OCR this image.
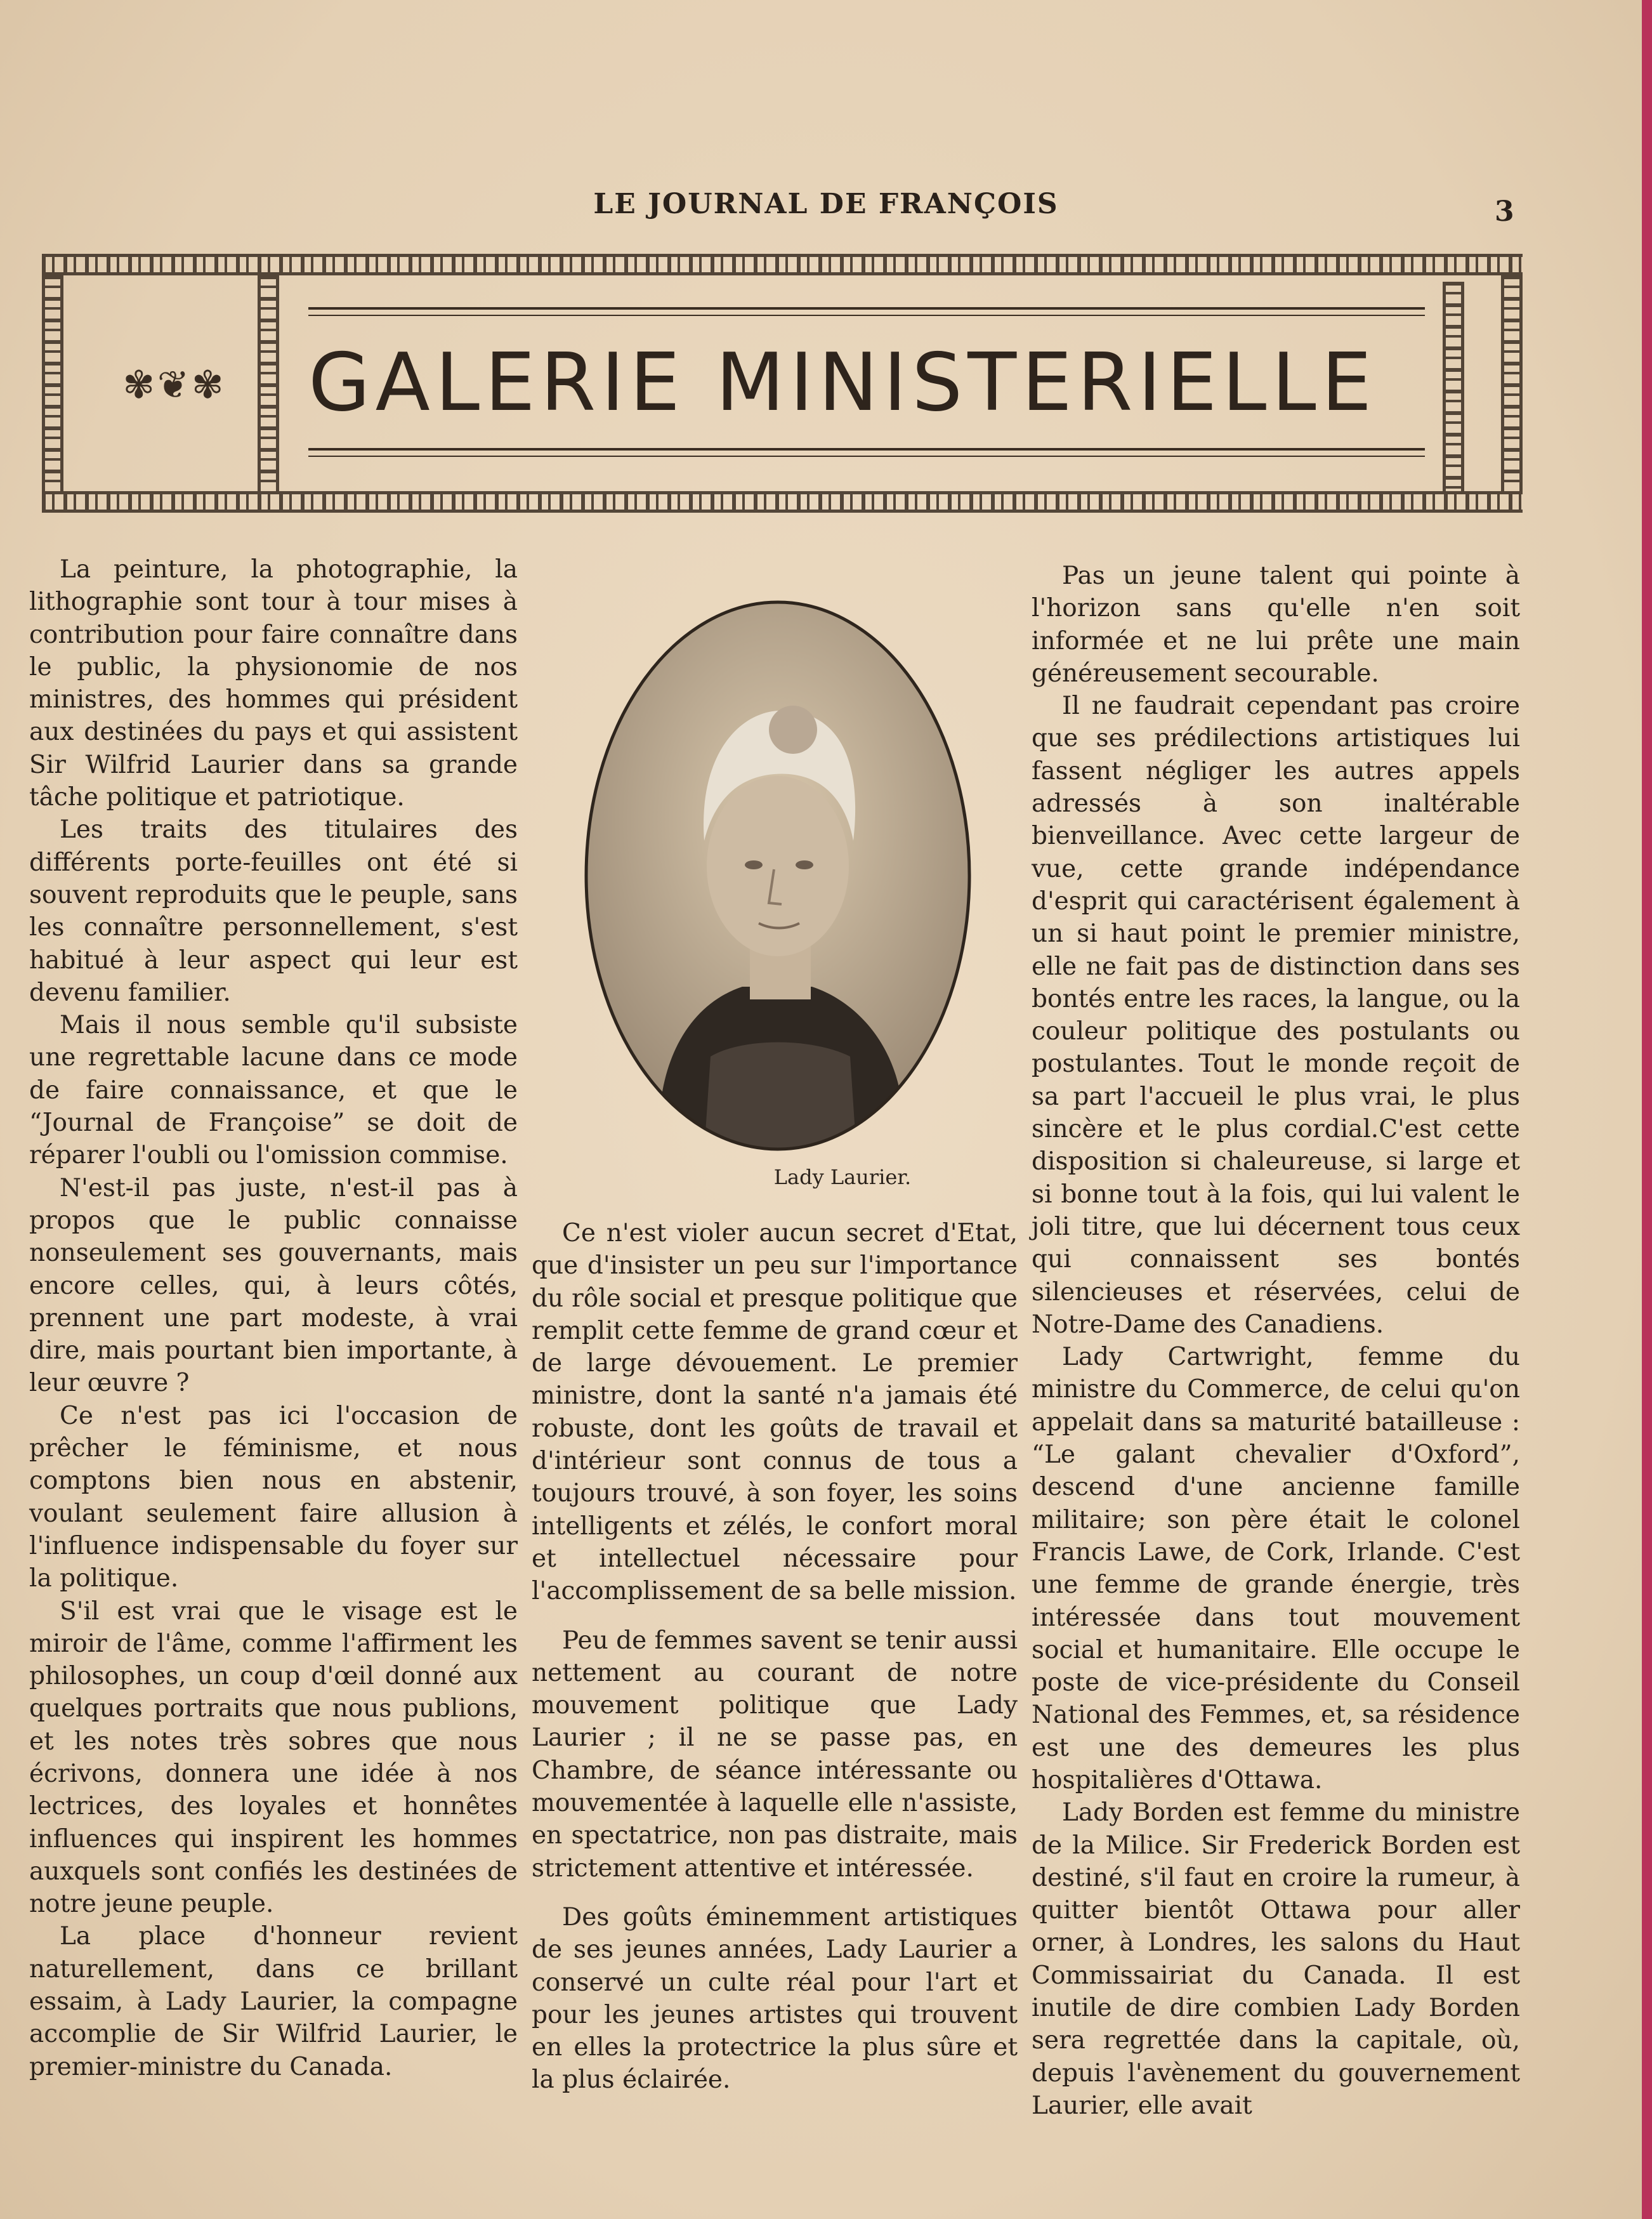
LE JOURNAL DE FRANÇOIS	3
✾❦✾ GALERIE MINISTERIELLE

La peinture, la photographie, la lithographie sont tour à tour mises à contribution pour faire connaître dans le public, la physionomie de nos ministres, des hommes qui président aux destinées du pays et qui assistent Sir Wilfrid Laurier dans sa grande tâche politique et patriotique.

Les traits des titulaires des différents porte-feuilles ont été si souvent reproduits que le peuple, sans les connaître personnellement, s'est habitué à leur aspect qui leur est devenu familier.

Mais il nous semble qu'il subsiste une regrettable lacune dans ce mode de faire connaissance, et que le “Journal de Françoise” se doit de réparer l'oubli ou l'omission commise.

N'est-il pas juste, n'est-il pas à propos que le public connaisse nonseulement ses gouvernants, mais encore celles, qui, à leurs côtés, prennent une part modeste, à vrai dire, mais pourtant bien importante, à leur œuvre ?

Ce n'est pas ici l'occasion de prêcher le féminisme, et nous comptons bien nous en abstenir, voulant seulement faire allusion à l'influence indispensable du foyer sur la politique.

S'il est vrai que le visage est le miroir de l'âme, comme l'affirment les philosophes, un coup d'œil donné aux quelques portraits que nous publions, et les notes très sobres que nous écrivons, donnera une idée à nos lectrices, des loyales et honnêtes influences qui inspirent les hommes auxquels sont confiés les destinées de notre jeune peuple.

La place d'honneur revient naturellement, dans ce brillant essaim, à Lady Laurier, la compagne accomplie de Sir Wilfrid Laurier, le premier-ministre du Canada.

Lady Laurier.

Ce n'est violer aucun secret d'Etat, que d'insister un peu sur l'importance du rôle social et presque politique que remplit cette femme de grand cœur et de large dévouement. Le premier ministre, dont la santé n'a jamais été robuste, dont les goûts de travail et d'intérieur sont connus de tous a toujours trouvé, à son foyer, les soins intelligents et zélés, le confort moral et intellectuel nécessaire pour l'accomplissement de sa belle mission.

Peu de femmes savent se tenir aussi nettement au courant de notre mouvement politique que Lady Laurier ; il ne se passe pas, en Chambre, de séance intéressante ou mouvementée à laquelle elle n'assiste, en spectatrice, non pas distraite, mais strictement attentive et intéressée.

Des goûts éminemment artistiques de ses jeunes années, Lady Laurier a conservé un culte réal pour l'art et pour les jeunes artistes qui trouvent en elles la protectrice la plus sûre et la plus éclairée.

Pas un jeune talent qui pointe à l'horizon sans qu'elle n'en soit informée et ne lui prête une main généreusement secourable.

Il ne faudrait cependant pas croire que ses prédilections artistiques lui fassent négliger les autres appels adressés à son inaltérable bienveillance. Avec cette largeur de vue, cette grande indépendance d'esprit qui caractérisent également à un si haut point le premier ministre, elle ne fait pas de distinction dans ses bontés entre les races, la langue, ou la couleur politique des postulants ou postulantes. Tout le monde reçoit de sa part l'accueil le plus vrai, le plus sincère et le plus cordial.C'est cette disposition si chaleureuse, si large et si bonne tout à la fois, qui lui valent le joli titre, que lui décernent tous ceux qui connaissent ses bontés silencieuses et réservées, celui de Notre-Dame des Canadiens.

Lady Cartwright, femme du ministre du Commerce, de celui qu'on appelait dans sa maturité batailleuse : “Le galant chevalier d'Oxford”, descend d'une ancienne famille militaire; son père était le colonel Francis Lawe, de Cork, Irlande. C'est une femme de grande énergie, très intéressée dans tout mouvement social et humanitaire. Elle occupe le poste de vice-présidente du Conseil National des Femmes, et, sa résidence est une des demeures les plus hospitalières d'Ottawa.

Lady Borden est femme du ministre de la Milice. Sir Frederick Borden est destiné, s'il faut en croire la rumeur, à quitter bientôt Ottawa pour aller orner, à Londres, les salons du Haut Commissairiat du Canada. Il est inutile de dire combien Lady Borden sera regrettée dans la capitale, où, depuis l'avènement du gouvernement Laurier, elle avait
